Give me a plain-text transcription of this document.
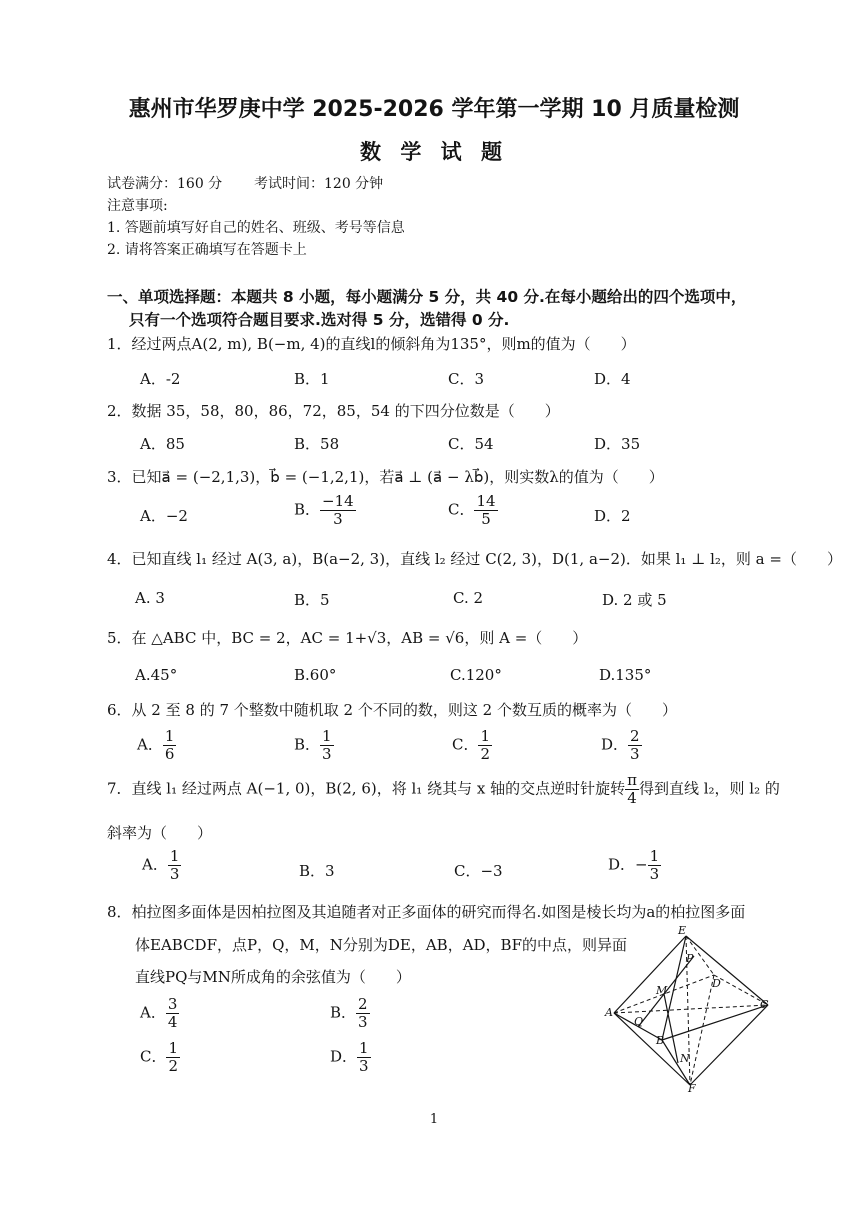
惠州市华罗庚中学 2025-2026 学年第一学期 10 月质量检测
数 学 试 题
试卷满分：160 分 考试时间：120 分钟
注意事项:
1. 答题前填写好自己的姓名、班级、考号等信息
2. 请将答案正确填写在答题卡上
一、单项选择题：本题共 8 小题，每小题满分 5 分，共 40 分.在每小题给出的四个选项中，
只有一个选项符合题目要求.选对得 5 分，选错得 0 分.
1．经过两点A(2, m), B(−m, 4)的直线l的倾斜角为135°，则m的值为（　　）
A．-2	B．1	C．3	D．4
2．数据 35，58，80，86，72，85，54 的下四分位数是（　　）
A．85	B．58	C．54	D．35
3．已知a⃗ = (−2,1,3)，b⃗ = (−1,2,1)，若a⃗ ⊥ (a⃗ − λb⃗)，则实数λ的值为（　　）
A．−2	B． $\frac{-14}{3}$	C． $\frac{14}{5}$	D．2
4．已知直线 l₁ 经过 A(3, a)，B(a−2, 3)，直线 l₂ 经过 C(2, 3)，D(1, a−2)．如果 l₁ ⊥ l₂，则 a =（　　）
A. 3	B．5	C. 2	D. 2 或 5
5．在 △ABC 中，BC = 2，AC = 1+√3，AB = √6，则 A =（　　）
A.45°	B.60°	C.120°	D.135°
6．从 2 至 8 的 7 个整数中随机取 2 个不同的数，则这 2 个数互质的概率为（　　）
A． $\frac{1}{6}$	B． $\frac{1}{3}$	C． $\frac{1}{2}$	D． $\frac{2}{3}$
7．直线 l₁ 经过两点 A(−1, 0)，B(2, 6)，将 l₁ 绕其与 x 轴的交点逆时针旋转 $\frac{\pi}{4}$ 得到直线 l₂，则 l₂ 的
斜率为（　　）
A． $\frac{1}{3}$	B．3	C．−3	D．− $\frac{1}{3}$
8．柏拉图多面体是因柏拉图及其追随者对正多面体的研究而得名.如图是棱长均为a的柏拉图多面
体EABCDF，点P，Q，M，N分别为DE，AB，AD，BF的中点，则异面
直线PQ与MN所成角的余弦值为（　　）
A． $\frac{3}{4}$	B． $\frac{2}{3}$
C． $\frac{1}{2}$	D． $\frac{1}{3}$
E
P
M
D
C
A
Q
B
N
F
1
